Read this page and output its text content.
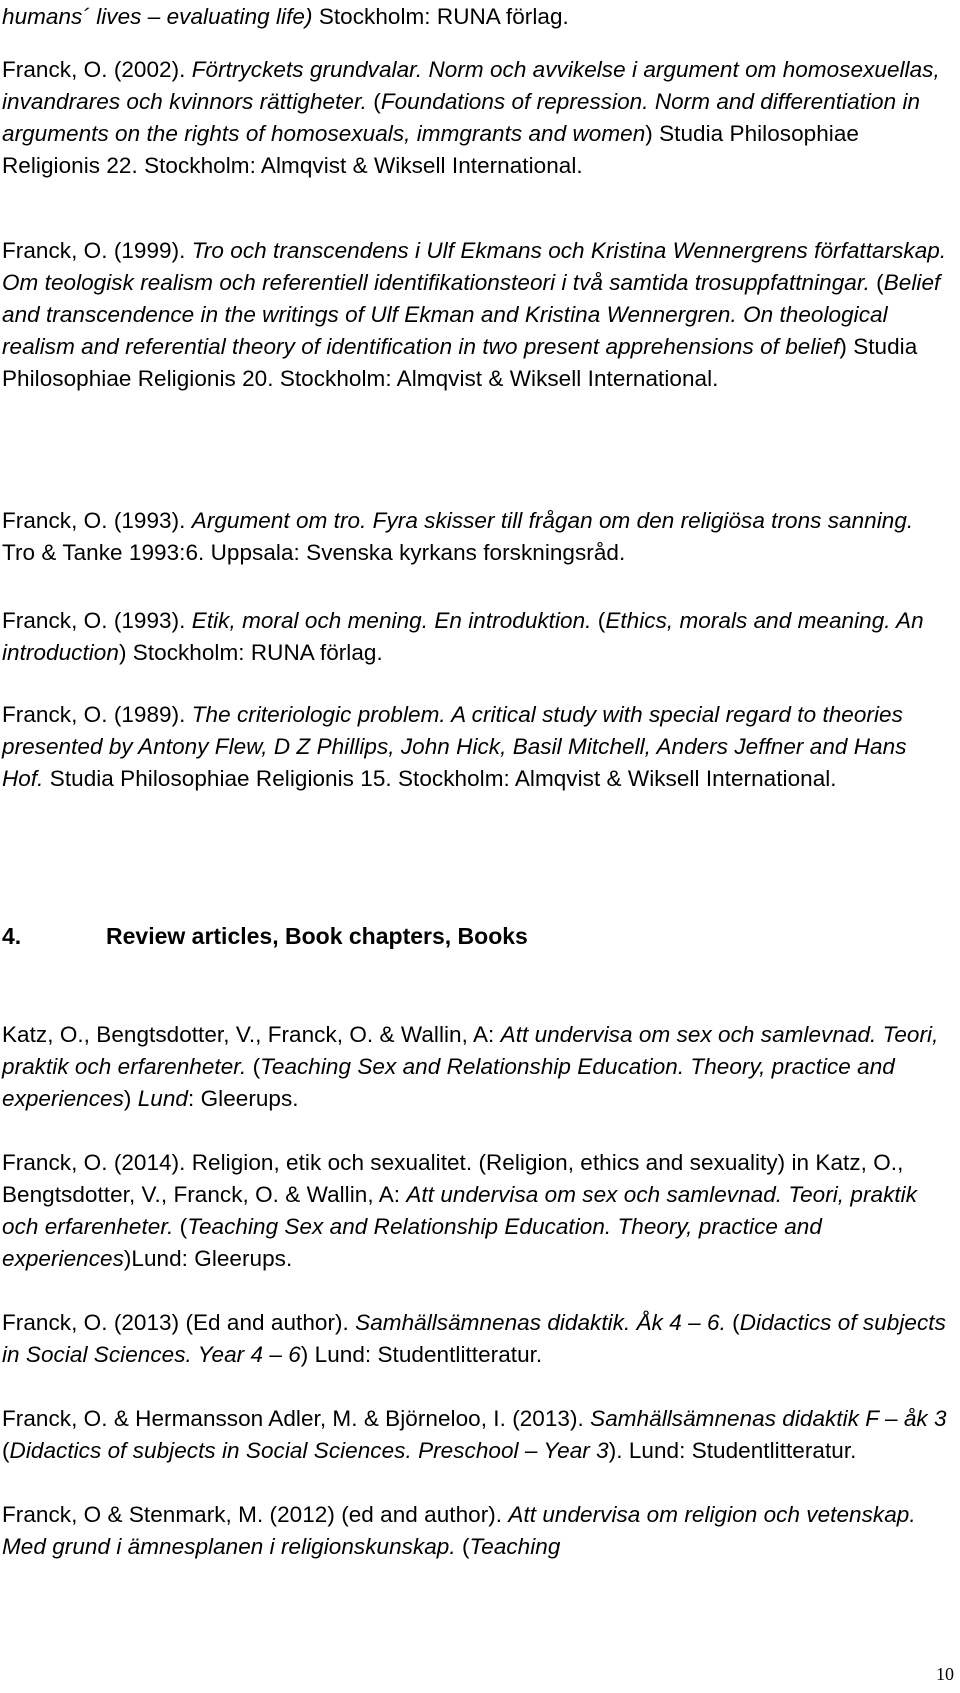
humans´ lives – evaluating life) Stockholm: RUNA förlag.

Franck, O. (2002). Förtryckets grundvalar. Norm och avvikelse i argument om homosexuellas, invandrares och kvinnors rättigheter. (Foundations of repression. Norm and differentiation in arguments on the rights of homosexuals, immgrants and women) Studia Philosophiae Religionis 22. Stockholm: Almqvist & Wiksell International.

Franck, O. (1999). Tro och transcendens i Ulf Ekmans och Kristina Wennergrens författarskap. Om teologisk realism och referentiell identifikationsteori i två samtida trosuppfattningar. (Belief and transcendence in the writings of Ulf Ekman and Kristina Wennergren. On theological realism and referential theory of identification in two present apprehensions of belief) Studia Philosophiae Religionis 20. Stockholm: Almqvist & Wiksell International.

Franck, O. (1993). Argument om tro. Fyra skisser till frågan om den religiösa trons sanning. Tro & Tanke 1993:6. Uppsala: Svenska kyrkans forskningsråd.

Franck, O. (1993). Etik, moral och mening. En introduktion. (Ethics, morals and meaning. An introduction) Stockholm: RUNA förlag.

Franck, O. (1989). The criteriologic problem. A critical study with special regard to theories presented by Antony Flew, D Z Phillips, John Hick, Basil Mitchell, Anders Jeffner and Hans Hof. Studia Philosophiae Religionis 15. Stockholm: Almqvist & Wiksell International.

4.	Review articles, Book chapters, Books

Katz, O., Bengtsdotter, V., Franck, O. & Wallin, A: Att undervisa om sex och samlevnad. Teori, praktik och erfarenheter. (Teaching Sex and Relationship Education. Theory, practice and experiences) Lund: Gleerups.

Franck, O. (2014). Religion, etik och sexualitet. (Religion, ethics and sexuality) in Katz, O., Bengtsdotter, V., Franck, O. & Wallin, A: Att undervisa om sex och samlevnad. Teori, praktik och erfarenheter. (Teaching Sex and Relationship Education. Theory, practice and experiences)Lund: Gleerups.

Franck, O. (2013) (Ed and author). Samhällsämnenas didaktik. Åk 4 – 6. (Didactics of subjects in Social Sciences. Year 4 – 6) Lund: Studentlitteratur.

Franck, O. & Hermansson Adler, M. & Björneloo, I. (2013). Samhällsämnenas didaktik F – åk 3 (Didactics of subjects in Social Sciences. Preschool – Year 3). Lund: Studentlitteratur.

Franck, O & Stenmark, M. (2012) (ed and author). Att undervisa om religion och vetenskap. Med grund i ämnesplanen i religionskunskap. (Teaching

10
